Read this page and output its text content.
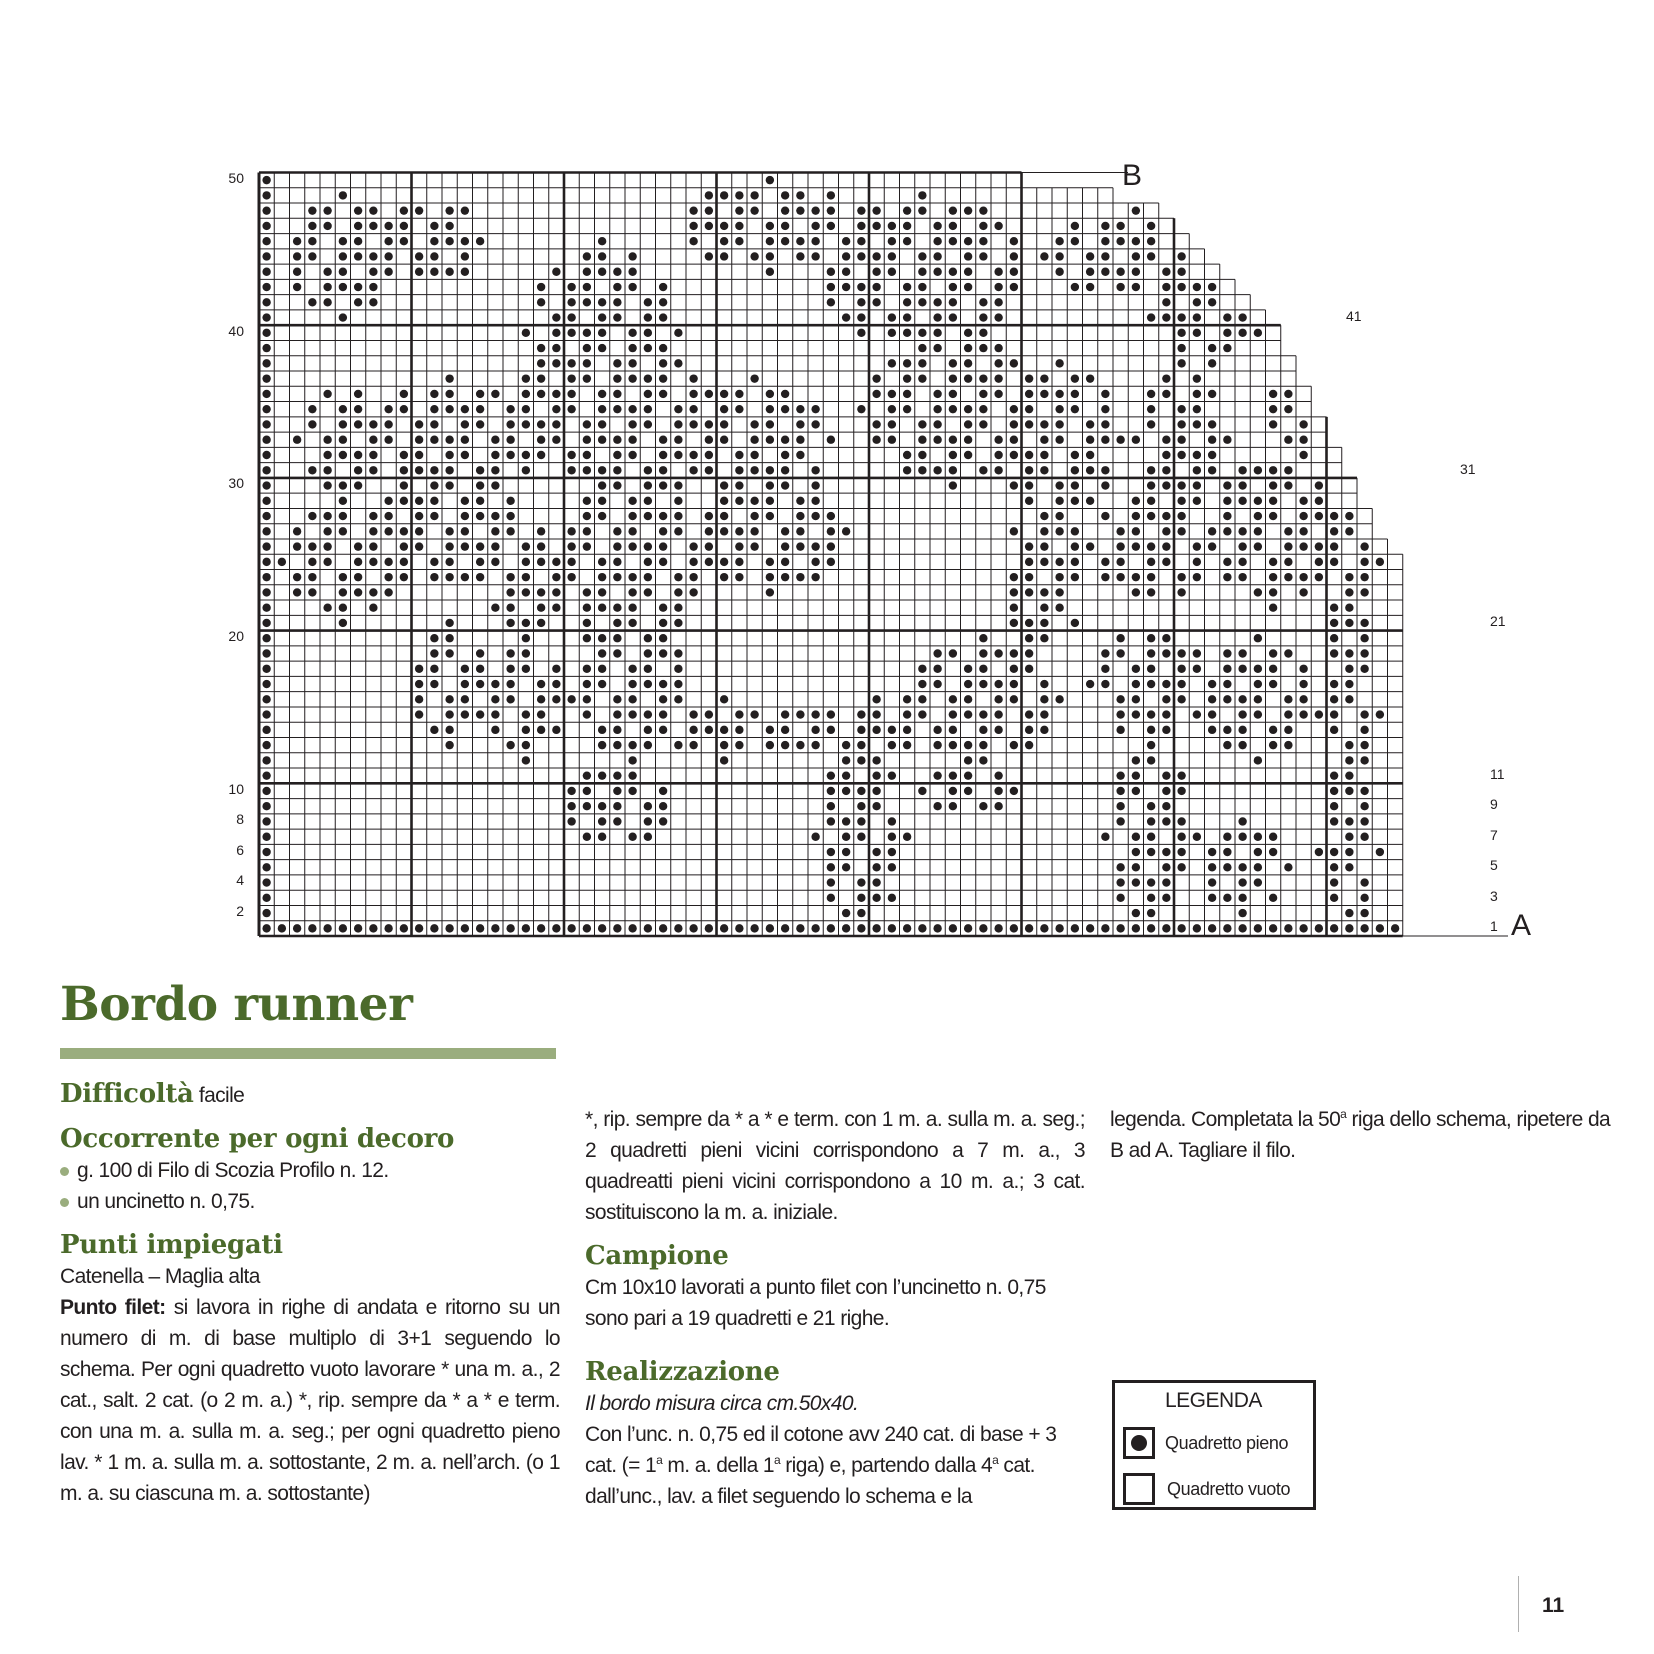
50
40
30
20
10
8
6
4
2
41
31
21
11
9
7
5
3
1
B
A
Bordo runner
Difficoltà facile
Occorrente per ogni decoro
g. 100 di Filo di Scozia Profilo n. 12.
un uncinetto n. 0,75.
Punti impiegati

Catenella – Maglia alta

Punto filet: si lavora in righe di andata e ritorno su un numero di m. di base multiplo di 3+1 seguendo lo schema. Per ogni quadretto vuoto lavorare * una m. a., 2 cat., salt. 2 cat. (o 2 m. a.) *, rip. sempre da * a * e term. con una m. a. sulla m. a. seg.; per ogni quadretto pieno lav. * 1 m. a. sulla m. a. sottostante, 2 m. a. nell’arch. (o 1 m. a. su ciascuna m. a. sottostante)

*, rip. sempre da * a * e term. con 1 m. a. sulla m. a. seg.; 2 quadretti pieni vicini corrispondono a 7 m. a., 3 quadreatti pieni vicini corrispondono a 10 m. a.; 3 cat. sostituiscono la m. a. iniziale.

Campione

Cm 10x10 lavorati a punto filet con l’uncinetto n. 0,75 sono pari a 19 quadretti e 21 righe.

Realizzazione

Il bordo misura circa cm.50x40.

Con l’unc. n. 0,75 ed il cotone avv 240 cat. di base + 3 cat. (= $1^a$ m. a. della 1$^a$ riga) e, partendo dalla 4$^a$ cat. dall’unc., lav. a filet seguendo lo schema e la

legenda. Completata la 50$^a$ riga dello schema, ripetere da B ad A. Tagliare il filo.

LEGENDA
Quadretto pieno
Quadretto vuoto
11
